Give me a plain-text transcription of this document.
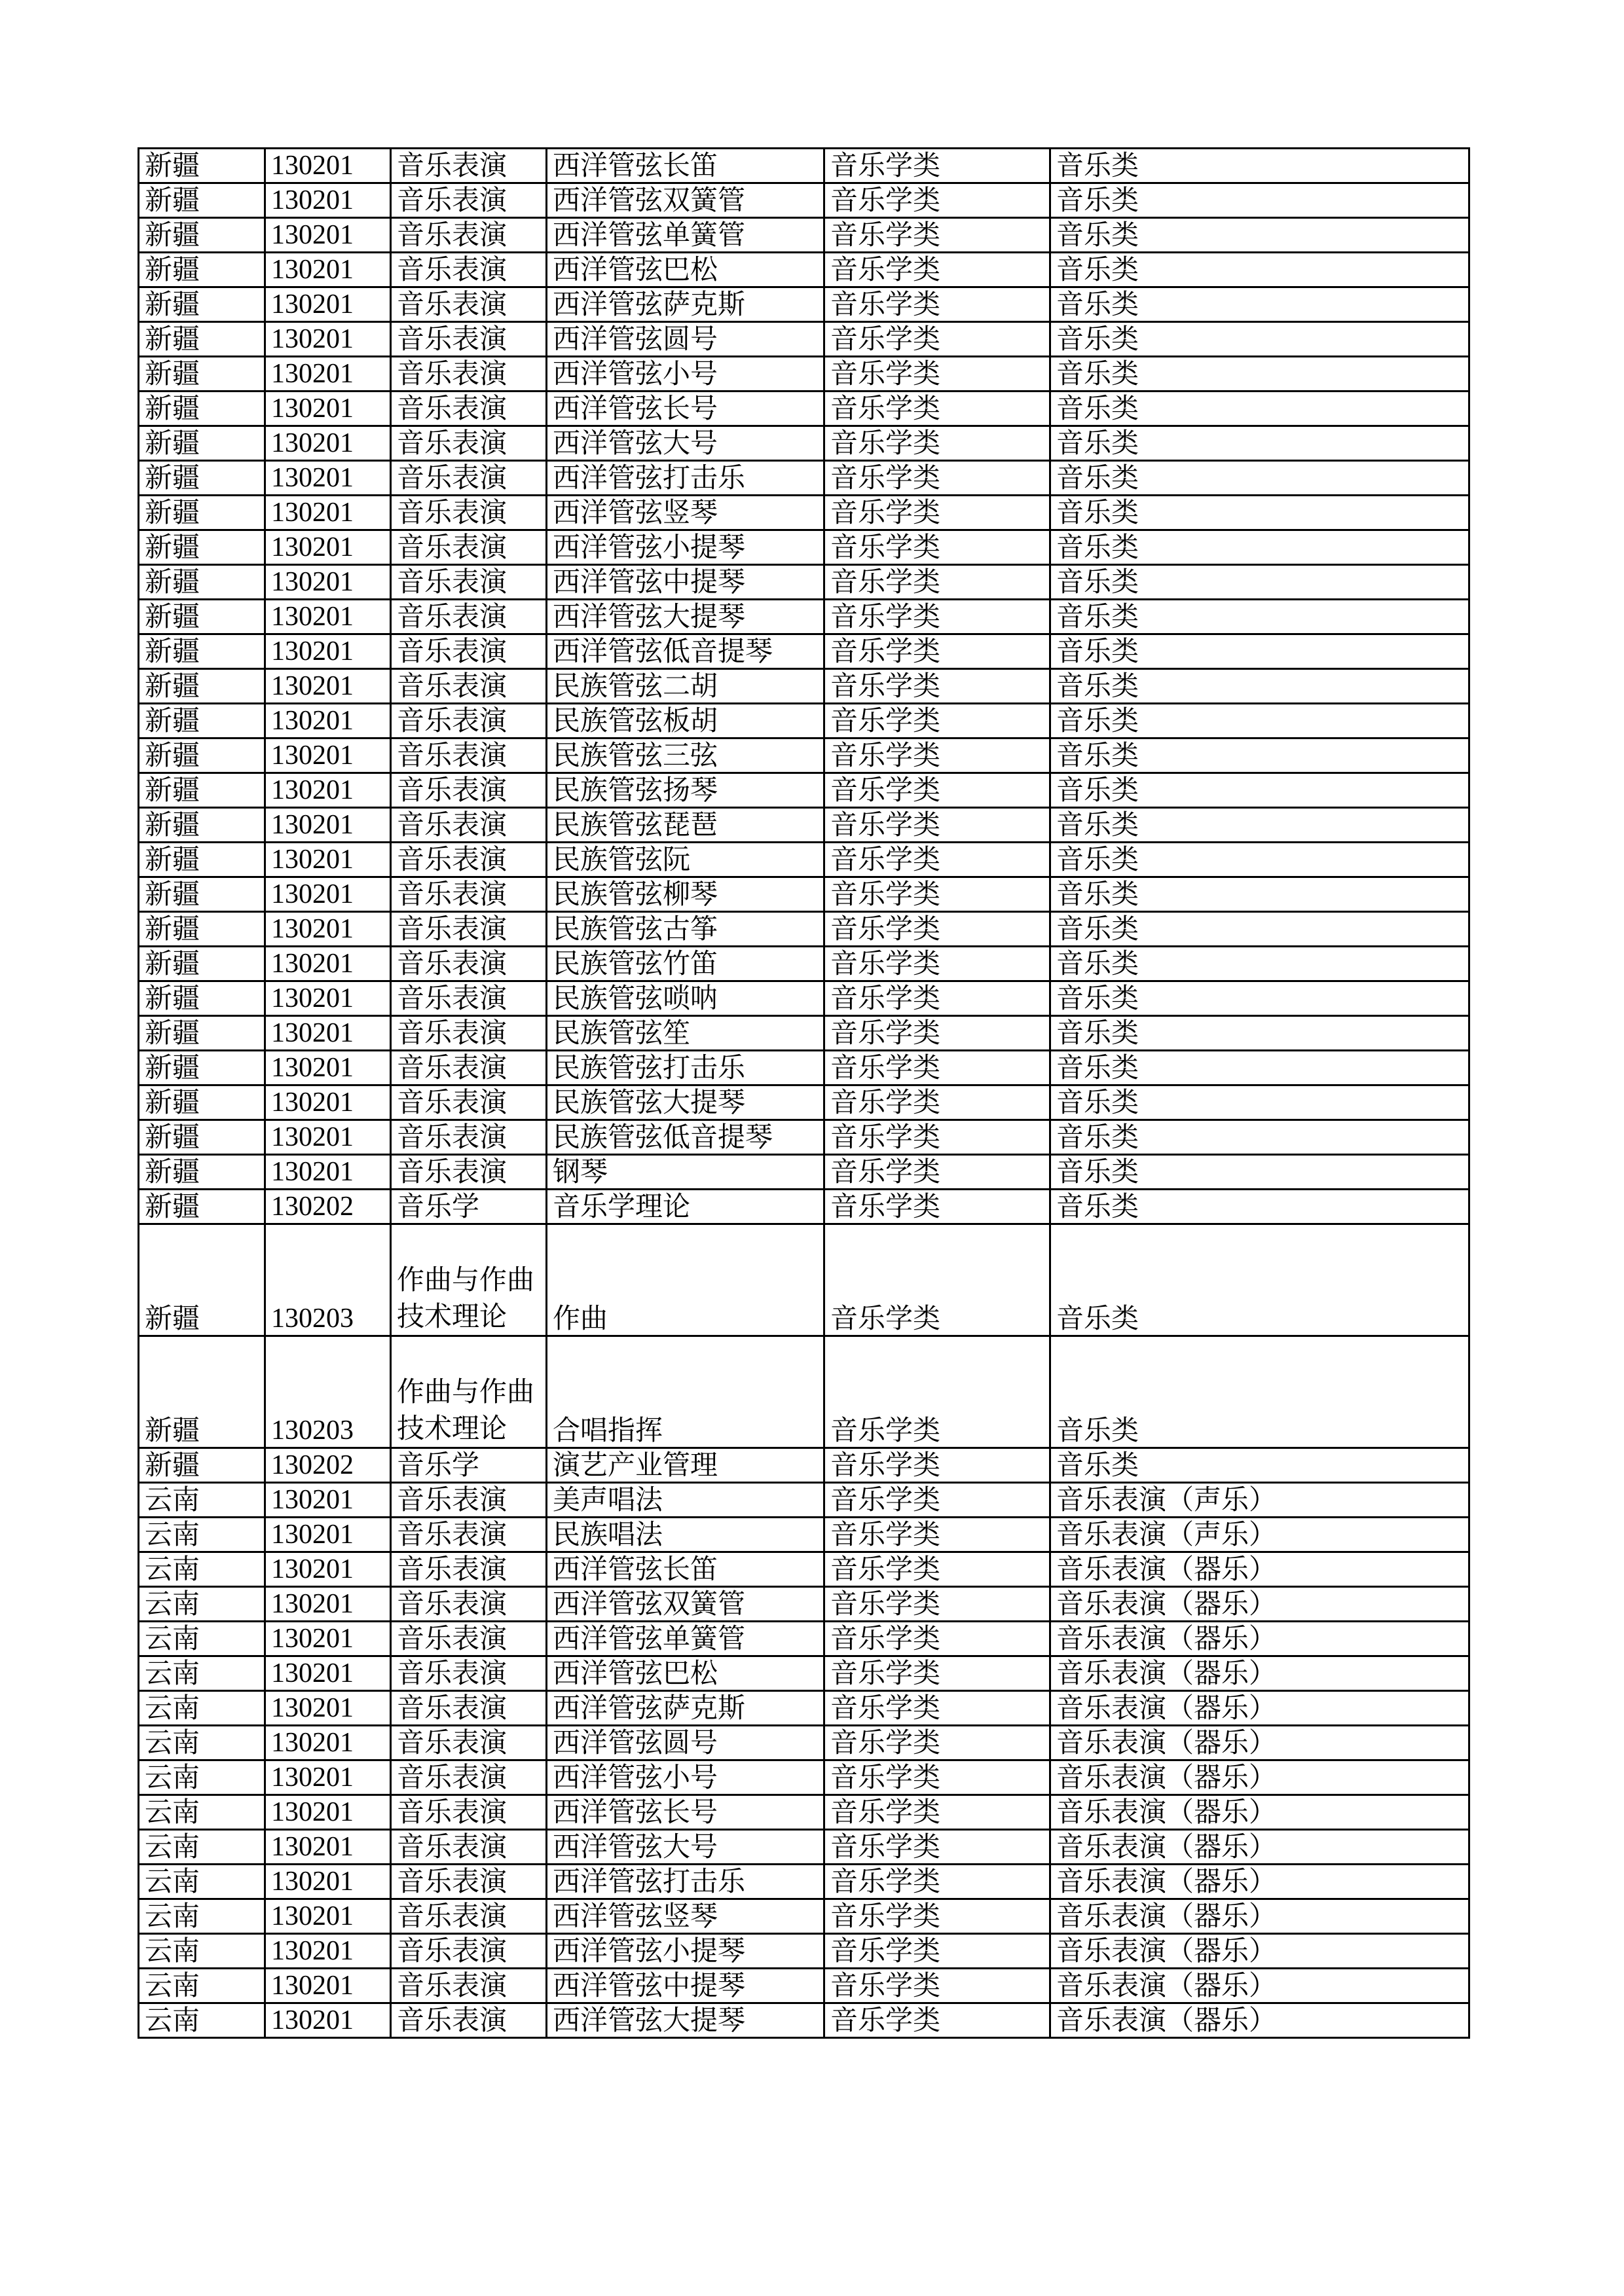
新疆	130201	音乐表演	西洋管弦长笛	音乐学类	音乐类
新疆	130201	音乐表演	西洋管弦双簧管	音乐学类	音乐类
新疆	130201	音乐表演	西洋管弦单簧管	音乐学类	音乐类
新疆	130201	音乐表演	西洋管弦巴松	音乐学类	音乐类
新疆	130201	音乐表演	西洋管弦萨克斯	音乐学类	音乐类
新疆	130201	音乐表演	西洋管弦圆号	音乐学类	音乐类
新疆	130201	音乐表演	西洋管弦小号	音乐学类	音乐类
新疆	130201	音乐表演	西洋管弦长号	音乐学类	音乐类
新疆	130201	音乐表演	西洋管弦大号	音乐学类	音乐类
新疆	130201	音乐表演	西洋管弦打击乐	音乐学类	音乐类
新疆	130201	音乐表演	西洋管弦竖琴	音乐学类	音乐类
新疆	130201	音乐表演	西洋管弦小提琴	音乐学类	音乐类
新疆	130201	音乐表演	西洋管弦中提琴	音乐学类	音乐类
新疆	130201	音乐表演	西洋管弦大提琴	音乐学类	音乐类
新疆	130201	音乐表演	西洋管弦低音提琴	音乐学类	音乐类
新疆	130201	音乐表演	民族管弦二胡	音乐学类	音乐类
新疆	130201	音乐表演	民族管弦板胡	音乐学类	音乐类
新疆	130201	音乐表演	民族管弦三弦	音乐学类	音乐类
新疆	130201	音乐表演	民族管弦扬琴	音乐学类	音乐类
新疆	130201	音乐表演	民族管弦琵琶	音乐学类	音乐类
新疆	130201	音乐表演	民族管弦阮	音乐学类	音乐类
新疆	130201	音乐表演	民族管弦柳琴	音乐学类	音乐类
新疆	130201	音乐表演	民族管弦古筝	音乐学类	音乐类
新疆	130201	音乐表演	民族管弦竹笛	音乐学类	音乐类
新疆	130201	音乐表演	民族管弦唢呐	音乐学类	音乐类
新疆	130201	音乐表演	民族管弦笙	音乐学类	音乐类
新疆	130201	音乐表演	民族管弦打击乐	音乐学类	音乐类
新疆	130201	音乐表演	民族管弦大提琴	音乐学类	音乐类
新疆	130201	音乐表演	民族管弦低音提琴	音乐学类	音乐类
新疆	130201	音乐表演	钢琴	音乐学类	音乐类
新疆	130202	音乐学	音乐学理论	音乐学类	音乐类
新疆	130203	作曲与作曲技术理论	作曲	音乐学类	音乐类
新疆	130203	作曲与作曲技术理论	合唱指挥	音乐学类	音乐类
新疆	130202	音乐学	演艺产业管理	音乐学类	音乐类
云南	130201	音乐表演	美声唱法	音乐学类	音乐表演（声乐）
云南	130201	音乐表演	民族唱法	音乐学类	音乐表演（声乐）
云南	130201	音乐表演	西洋管弦长笛	音乐学类	音乐表演（器乐）
云南	130201	音乐表演	西洋管弦双簧管	音乐学类	音乐表演（器乐）
云南	130201	音乐表演	西洋管弦单簧管	音乐学类	音乐表演（器乐）
云南	130201	音乐表演	西洋管弦巴松	音乐学类	音乐表演（器乐）
云南	130201	音乐表演	西洋管弦萨克斯	音乐学类	音乐表演（器乐）
云南	130201	音乐表演	西洋管弦圆号	音乐学类	音乐表演（器乐）
云南	130201	音乐表演	西洋管弦小号	音乐学类	音乐表演（器乐）
云南	130201	音乐表演	西洋管弦长号	音乐学类	音乐表演（器乐）
云南	130201	音乐表演	西洋管弦大号	音乐学类	音乐表演（器乐）
云南	130201	音乐表演	西洋管弦打击乐	音乐学类	音乐表演（器乐）
云南	130201	音乐表演	西洋管弦竖琴	音乐学类	音乐表演（器乐）
云南	130201	音乐表演	西洋管弦小提琴	音乐学类	音乐表演（器乐）
云南	130201	音乐表演	西洋管弦中提琴	音乐学类	音乐表演（器乐）
云南	130201	音乐表演	西洋管弦大提琴	音乐学类	音乐表演（器乐）
